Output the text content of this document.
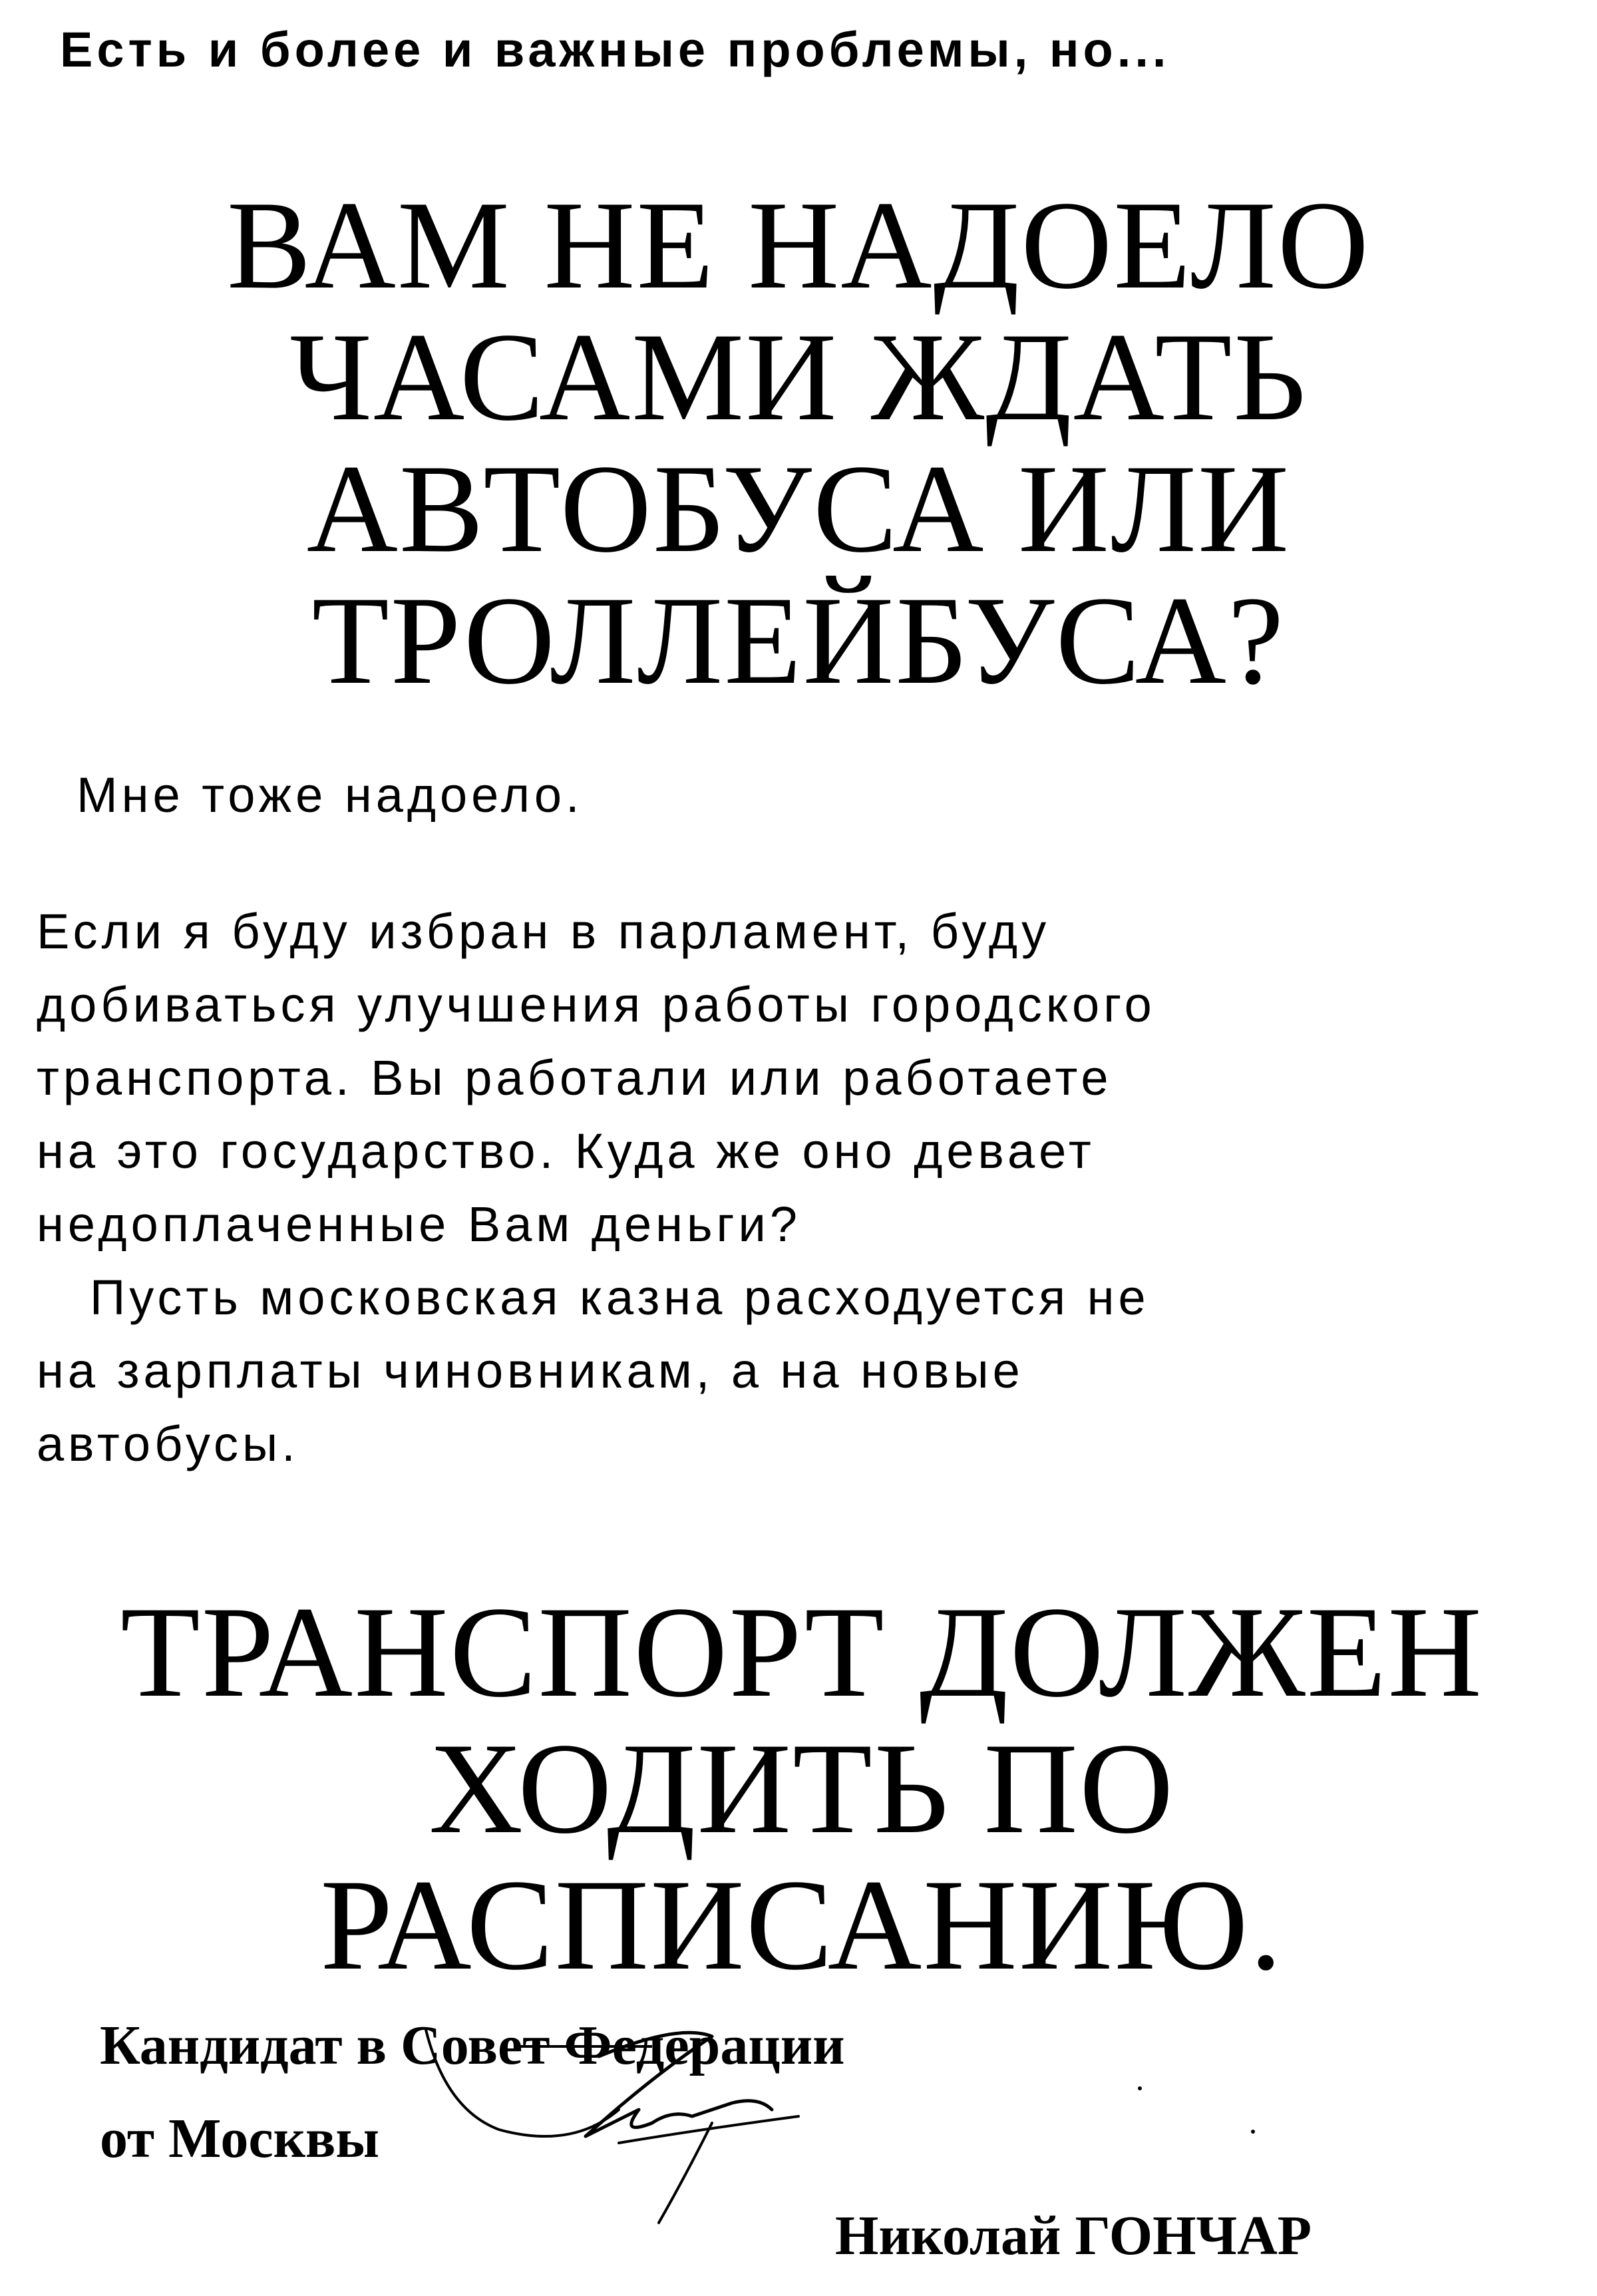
Есть и более и важные проблемы, но...
ВАМ НЕ НАДОЕЛО
ЧАСАМИ ЖДАТЬ
АВТОБУСА ИЛИ
ТРОЛЛЕЙБУСА?
Мне тоже надоело.
Если я буду избран в парламент, буду
добиваться улучшения работы городского
транспорта. Вы работали или работаете
на это государство. Куда же оно девает
недоплаченные Вам деньги?
Пусть московская казна расходуется не
на зарплаты чиновникам, а на новые
автобусы.
ТРАНСПОРТ ДОЛЖЕН
ХОДИТЬ ПО
РАСПИСАНИЮ.
Кандидат в Совет Федерации
от Москвы
Николай ГОНЧАР
